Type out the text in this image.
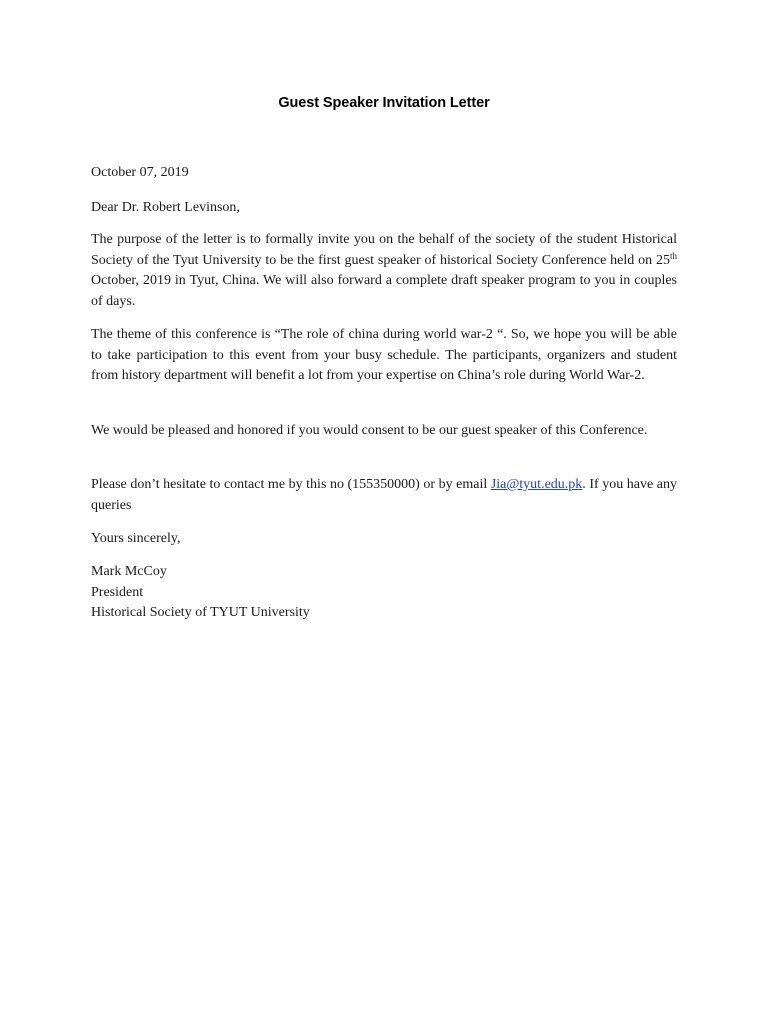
Guest Speaker Invitation Letter
October 07, 2019
Dear Dr. Robert Levinson,
The purpose of the letter is to formally invite you on the behalf of the society of the student Historical Society of the Tyut University to be the first guest speaker of historical Society Conference held on 25th October, 2019 in Tyut, China. We will also forward a complete draft speaker program to you in couples of days.
The theme of this conference is “The role of china during world war-2 “. So, we hope you will be able to take participation to this event from your busy schedule. The participants, organizers and student from history department will benefit a lot from your expertise on China’s role during World War-2.
We would be pleased and honored if you would consent to be our guest speaker of this Conference.
Please don’t hesitate to contact me by this no (155350000) or by email Jia@tyut.edu.pk. If you have any queries
Yours sincerely,
Mark McCoy
President
Historical Society of TYUT University
